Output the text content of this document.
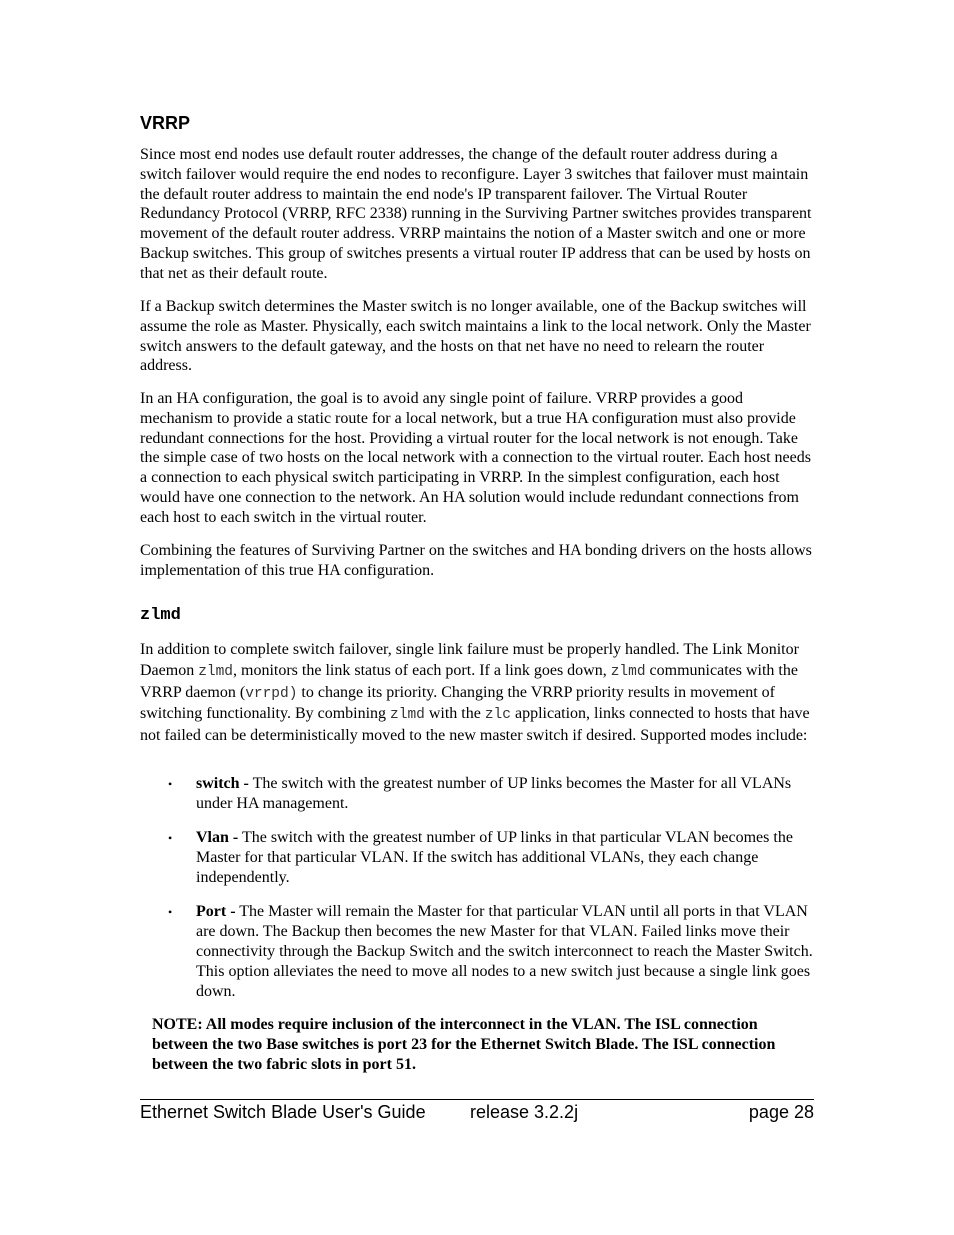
VRRP

Since most end nodes use default router addresses, the change of the default router address during a switch failover would require the end nodes to reconfigure. Layer 3 switches that failover must maintain the default router address to maintain the end node's IP transparent failover. The Virtual Router Redundancy Protocol (VRRP, RFC 2338) running in the Surviving Partner switches provides transparent movement of the default router address. VRRP maintains the notion of a Master switch and one or more Backup switches. This group of switches presents a virtual router IP address that can be used by hosts on that net as their default route.

If a Backup switch determines the Master switch is no longer available, one of the Backup switches will assume the role as Master. Physically, each switch maintains a link to the local network. Only the Master switch answers to the default gateway, and the hosts on that net have no need to relearn the router address.

In an HA configuration, the goal is to avoid any single point of failure. VRRP provides a good mechanism to provide a static route for a local network, but a true HA configuration must also provide redundant connections for the host. Providing a virtual router for the local network is not enough. Take the simple case of two hosts on the local network with a connection to the virtual router. Each host needs a connection to each physical switch participating in VRRP. In the simplest configuration, each host would have one connection to the network. An HA solution would include redundant connections from each host to each switch in the virtual router.

Combining the features of Surviving Partner on the switches and HA bonding drivers on the hosts allows implementation of this true HA configuration.

zlmd

In addition to complete switch failover, single link failure must be properly handled. The Link Monitor Daemon zlmd, monitors the link status of each port. If a link goes down, zlmd communicates with the VRRP daemon (vrrpd) to change its priority. Changing the VRRP priority results in movement of switching functionality. By combining zlmd with the zlc application, links connected to hosts that have not failed can be deterministically moved to the new master switch if desired. Supported modes include:

• switch - The switch with the greatest number of UP links becomes the Master for all VLANs under HA management.
• Vlan - The switch with the greatest number of UP links in that particular VLAN becomes the Master for that particular VLAN. If the switch has additional VLANs, they each change independently.
• Port - The Master will remain the Master for that particular VLAN until all ports in that VLAN are down. The Backup then becomes the new Master for that VLAN. Failed links move their connectivity through the Backup Switch and the switch interconnect to reach the Master Switch. This option alleviates the need to move all nodes to a new switch just because a single link goes down.

NOTE: All modes require inclusion of the interconnect in the VLAN. The ISL connection between the two Base switches is port 23 for the Ethernet Switch Blade. The ISL connection between the two fabric slots in port 51.

Ethernet Switch Blade User's Guide release 3.2.2j	page 28
